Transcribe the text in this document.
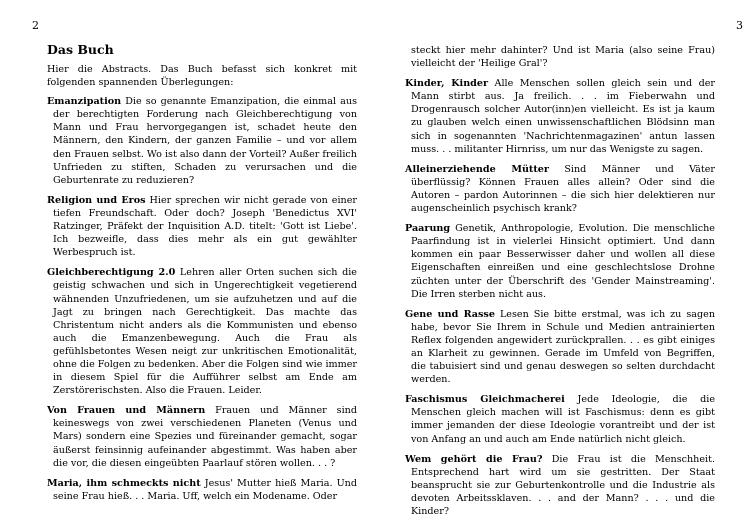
2
Das Buch

Hier die Abstracts. Das Buch befasst sich konkret mit folgenden spannenden Überlegungen:

Emanzipation Die so genannte Emanzipation, die einmal aus der berechtigten Forderung nach Gleichberechtigung von Mann und Frau hervorgegangen ist, schadet heute den Männern, den Kindern, der ganzen Familie – und vor allem den Frauen selbst. Wo ist also dann der Vorteil? Außer freilich Unfrieden zu stiften, Schaden zu verursachen und die Geburtenrate zu reduzieren?

Religion und Eros Hier sprechen wir nicht gerade von einer tiefen Freundschaft. Oder doch? Joseph 'Benedictus XVI' Ratzinger, Präfekt der Inquisition A.D. titelt: 'Gott ist Liebe'. Ich bezweifle, dass dies mehr als ein gut gewählter Werbespruch ist.

Gleichberechtigung 2.0 Lehren aller Orten suchen sich die geistig schwachen und sich in Ungerechtigkeit vegetierend wähnenden Unzufriedenen, um sie aufzuhetzen und auf die Jagt zu bringen nach Gerechtigkeit. Das machte das Christentum nicht anders als die Kommunisten und ebenso auch die Emanzenbewegung. Auch die Frau als gefühlsbetontes Wesen neigt zur unkritischen Emotionalität, ohne die Folgen zu bedenken. Aber die Folgen sind wie immer in diesem Spiel für die Aufführer selbst am Ende am Zerstörerischsten. Also die Frauen. Leider.

Von Frauen und Männern Frauen und Männer sind keineswegs von zwei verschiedenen Planeten (Venus und Mars) sondern eine Spezies und füreinander gemacht, sogar äußerst feinsinnig aufeinander abgestimmt. Was haben aber die vor, die diesen eingeübten Paarlauf stören wollen. . . ?

Maria, ihm schmeckts nicht Jesus' Mutter hieß Maria. Und seine Frau hieß. . . Maria. Uff, welch ein Modename. Oder

3

steckt hier mehr dahinter? Und ist Maria (also seine Frau) vielleicht der 'Heilige Gral'?

Kinder, Kinder Alle Menschen sollen gleich sein und der Mann stirbt aus. Ja freilich. . . im Fieberwahn und Drogenrausch solcher Autor(inn)en vielleicht. Es ist ja kaum zu glauben welch einen unwissenschaftlichen Blödsinn man sich in sogenannten 'Nachrichtenmagazinen' antun lassen muss. . . militanter Hirnriss, um nur das Wenigste zu sagen.

Alleinerziehende Mütter Sind Männer und Väter überflüssig? Können Frauen alles allein? Oder sind die Autoren – pardon Autorinnen – die sich hier delektieren nur augenscheinlich psychisch krank?

Paarung Genetik, Anthropologie, Evolution. Die menschliche Paarfindung ist in vielerlei Hinsicht optimiert. Und dann kommen ein paar Besserwisser daher und wollen all diese Eigenschaften einreißen und eine geschlechtslose Drohne züchten unter der Überschrift des 'Gender Mainstreaming'. Die Irren sterben nicht aus.

Gene und Rasse Lesen Sie bitte erstmal, was ich zu sagen habe, bevor Sie Ihrem in Schule und Medien antrainierten Reflex folgenden angewidert zurückprallen. . . es gibt einiges an Klarheit zu gewinnen. Gerade im Umfeld von Begriffen, die tabuisiert sind und genau deswegen so selten durchdacht werden.

Faschismus Gleichmacherei Jede Ideologie, die die Menschen gleich machen will ist Faschismus: denn es gibt immer jemanden der diese Ideologie vorantreibt und der ist von Anfang an und auch am Ende natürlich nicht gleich.

Wem gehört die Frau? Die Frau ist die Menschheit. Entsprechend hart wird um sie gestritten. Der Staat beansprucht sie zur Geburtenkontrolle und die Industrie als devoten Arbeitssklaven. . . and der Mann? . . . und die Kinder?
